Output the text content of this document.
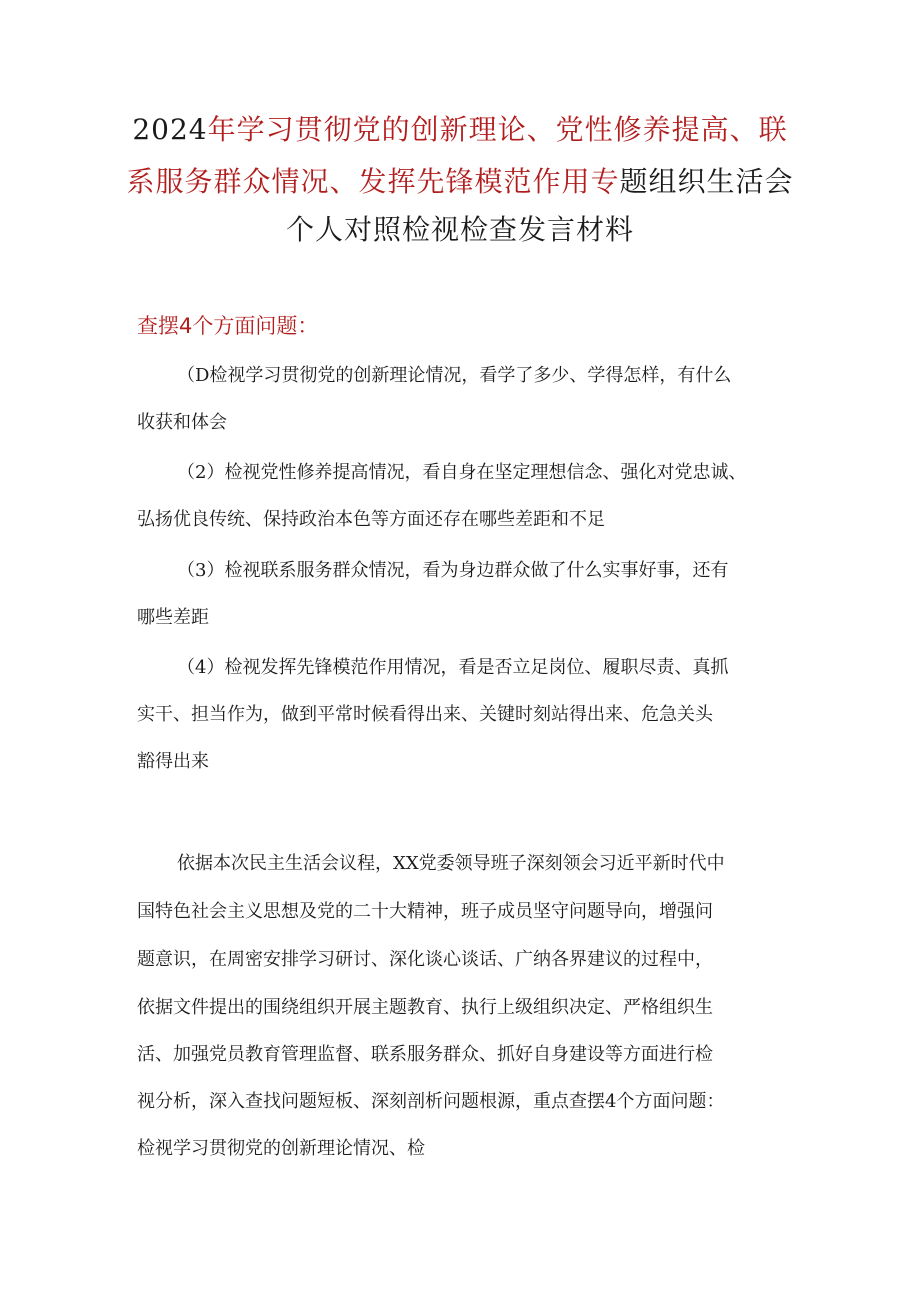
2024年学习贯彻党的创新理论、党性修养提高、联
系服务群众情况、发挥先锋模范作用专题组织生活会
个人对照检视检查发言材料
查摆4个方面问题：
（D检视学习贯彻党的创新理论情况，看学了多少、学得怎样，有什么
收获和体会
（2）检视党性修养提高情况，看自身在坚定理想信念、强化对党忠诚、
弘扬优良传统、保持政治本色等方面还存在哪些差距和不足
（3）检视联系服务群众情况，看为身边群众做了什么实事好事，还有
哪些差距
（4）检视发挥先锋模范作用情况，看是否立足岗位、履职尽责、真抓
实干、担当作为，做到平常时候看得出来、关键时刻站得出来、危急关头
豁得出来
依据本次民主生活会议程，XX党委领导班子深刻领会习近平新时代中
国特色社会主义思想及党的二十大精神，班子成员坚守问题导向，增强问
题意识，在周密安排学习研讨、深化谈心谈话、广纳各界建议的过程中，
依据文件提出的围绕组织开展主题教育、执行上级组织决定、严格组织生
活、加强党员教育管理监督、联系服务群众、抓好自身建设等方面进行检
视分析，深入查找问题短板、深刻剖析问题根源，重点查摆4个方面问题：
检视学习贯彻党的创新理论情况、检
